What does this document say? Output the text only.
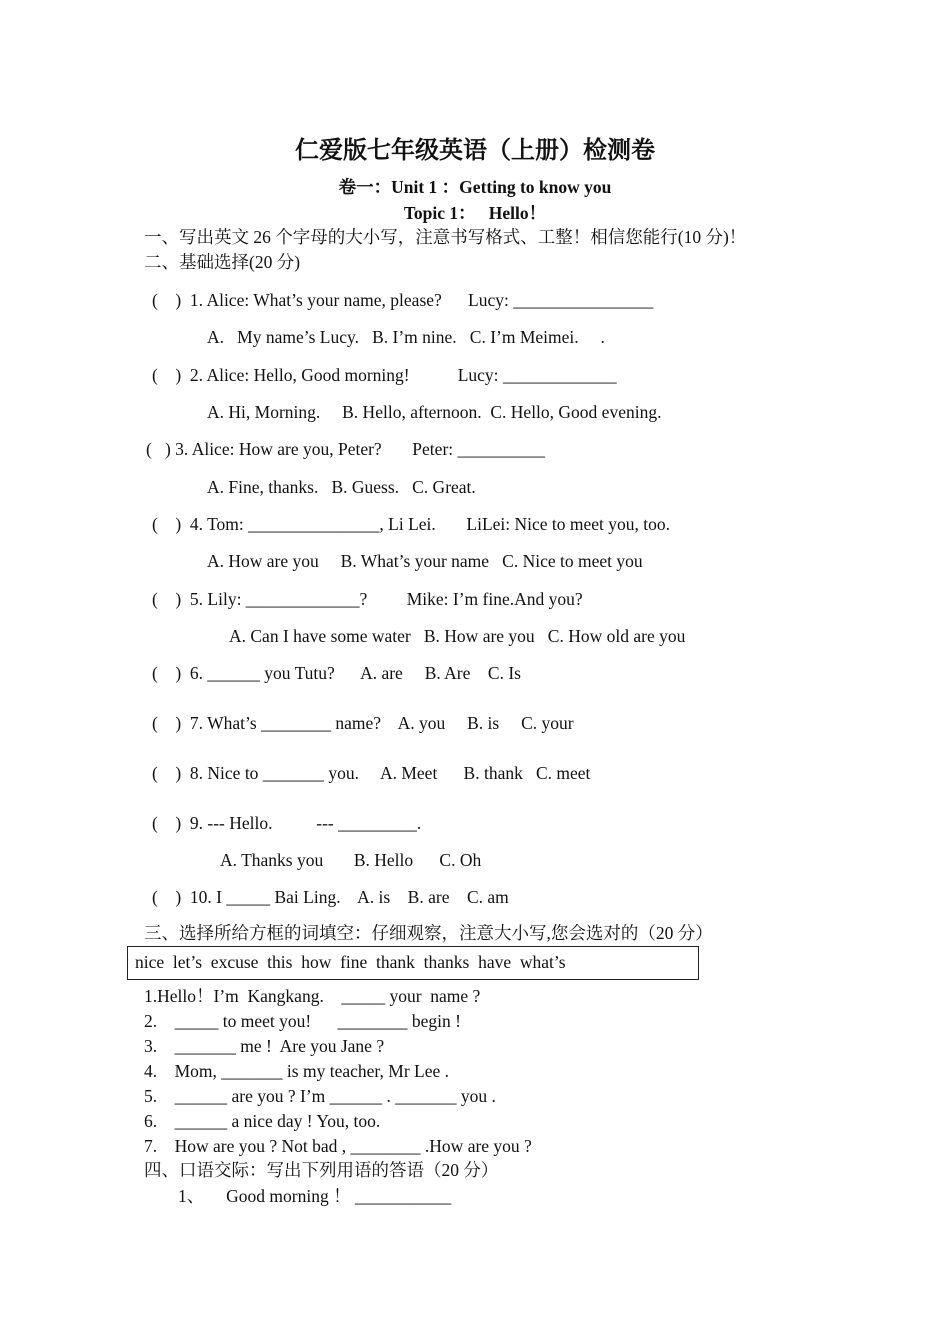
仁爱版七年级英语（上册）检测卷
卷一：Unit 1 ：Getting to know you
Topic 1：   Hello！
一、写出英文 26 个字母的大小写，注意书写格式、工整！相信您能行(10 分)！
二、基础选择(20 分)
(    )  1. Alice: What’s your name, please?      Lucy: ________________
A.   My name’s Lucy.   B. I’m nine.   C. I’m Meimei.     .
(    )  2. Alice: Hello, Good morning!           Lucy: _____________
A. Hi, Morning.     B. Hello, afternoon.  C. Hello, Good evening.
(   ) 3. Alice: How are you, Peter?       Peter: __________
A. Fine, thanks.   B. Guess.   C. Great.
(    )  4. Tom: _______________, Li Lei.       LiLei: Nice to meet you, too.
A. How are you     B. What’s your name   C. Nice to meet you
(    )  5. Lily: _____________?         Mike: I’m fine.And you?
A. Can I have some water   B. How are you   C. How old are you
(    )  6. ______ you Tutu?      A. are     B. Are    C. Is
(    )  7. What’s ________ name?    A. you     B. is     C. your
(    )  8. Nice to _______ you.     A. Meet      B. thank   C. meet
(    )  9. --- Hello.          --- _________.
A. Thanks you       B. Hello      C. Oh
(    )  10. I _____ Bai Ling.    A. is    B. are    C. am
三、选择所给方框的词填空：仔细观察，注意大小写,您会选对的（20 分）
nice  let’s  excuse  this  how  fine  thank  thanks  have  what’s
1.Hello！I’m  Kangkang.    _____ your  name ?
2.    _____ to meet you!      ________ begin !
3.    _______ me !  Are you Jane ?
4.    Mom, _______ is my teacher, Mr Lee .
5.    ______ are you ? I’m ______ . _______ you .
6.    ______ a nice day ! You, too.
7.    How are you ? Not bad , ________ .How are you ?
四、口语交际：写出下列用语的答语（20 分）
1、     Good morning ！ ___________
